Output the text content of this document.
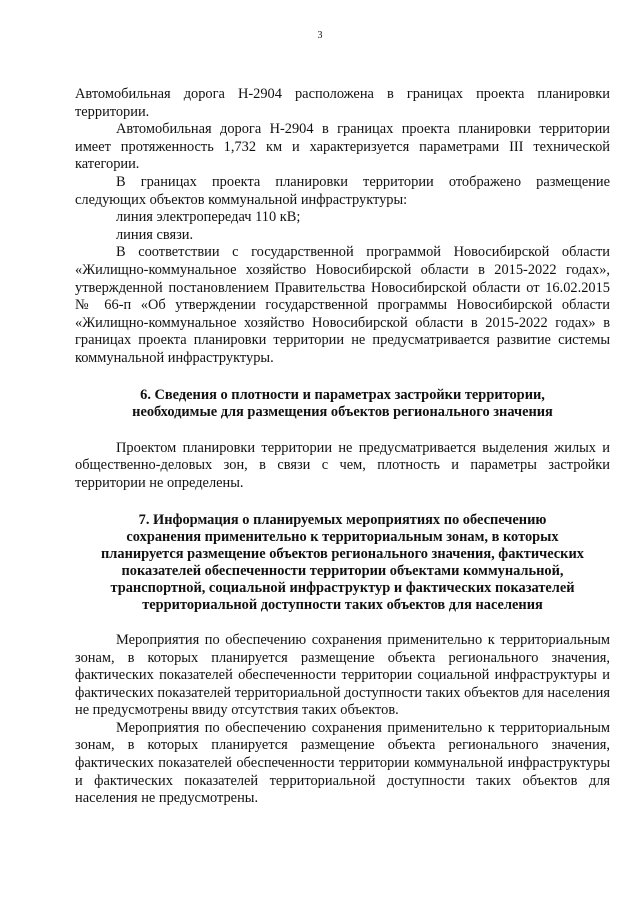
3

Автомобильная дорога Н-2904 расположена в границах проекта планировки территории.

Автомобильная дорога Н-2904 в границах проекта планировки территории имеет протяженность 1,732 км и характеризуется параметрами III технической категории.

В границах проекта планировки территории отображено размещение следующих объектов коммунальной инфраструктуры:

линия электропередач 110 кВ;

линия связи.

В соответствии с государственной программой Новосибирской области «Жилищно-коммунальное хозяйство Новосибирской области в 2015-2022 годах», утвержденной постановлением Правительства Новосибирской области от 16.02.2015 № 66-п «Об утверждении государственной программы Новосибирской области «Жилищно-коммунальное хозяйство Новосибирской области в 2015-2022 годах» в границах проекта планировки территории не предусматривается развитие системы коммунальной инфраструктуры.

6. Сведения о плотности и параметрах застройки территории,
необходимые для размещения объектов регионального значения

Проектом планировки территории не предусматривается выделения жилых и общественно-деловых зон, в связи с чем, плотность и параметры застройки территории не определены.

7. Информация о планируемых мероприятиях по обеспечению
сохранения применительно к территориальным зонам, в которых
планируется размещение объектов регионального значения, фактических
показателей обеспеченности территории объектами коммунальной,
транспортной, социальной инфраструктур и фактических показателей
территориальной доступности таких объектов для населения

Мероприятия по обеспечению сохранения применительно к территориальным зонам, в которых планируется размещение объекта регионального значения, фактических показателей обеспеченности территории социальной инфраструктуры и фактических показателей территориальной доступности таких объектов для населения не предусмотрены ввиду отсутствия таких объектов.

Мероприятия по обеспечению сохранения применительно к территориальным зонам, в которых планируется размещение объекта регионального значения, фактических показателей обеспеченности территории коммунальной инфраструктуры и фактических показателей территориальной доступности таких объектов для населения не предусмотрены.
